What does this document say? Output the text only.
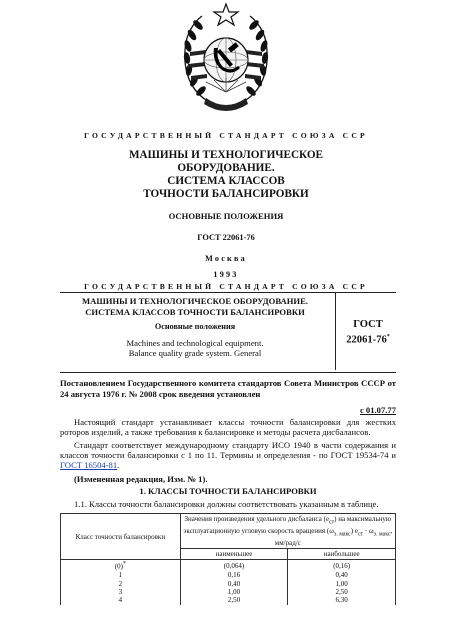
ГОСУДАРСТВЕННЫЙ СТАНДАРТ СОЮЗА ССР
МАШИНЫ И ТЕХНОЛОГИЧЕСКОЕ
ОБОРУДОВАНИЕ.
СИСТЕМА КЛАССОВ
ТОЧНОСТИ БАЛАНСИРОВКИ
ОСНОВНЫЕ ПОЛОЖЕНИЯ
ГОСТ 22061-76
Москва
1993
ГОСУДАРСТВЕННЫЙ СТАНДАРТ СОЮЗА ССР
МАШИНЫ И ТЕХНОЛОГИЧЕСКОЕ ОБОРУДОВАНИЕ.
СИСТЕМА КЛАССОВ ТОЧНОСТИ БАЛАНСИРОВКИ
Основные положения
Machines and technological equipment.
Balance quality grade system. General
ГОСТ
22061-76*
Постановлением Государственного комитета стандартов Совета Министров СССР от 24 августа 1976 г. № 2008 срок введения установлен
с 01.07.77
Настоящий стандарт устанавливает классы точности балансировки для жестких роторов изделий, а также требования к балансировке и методы расчета дисбалансов.
Стандарт соответствует международному стандарту ИСО 1940 в части содержания и классов точности балансировки с 1 по 11. Термины и определения - по ГОСТ 19534-74 и ГОСТ 16504-81.
(Измененная редакция, Изм. № 1).
1. КЛАССЫ ТОЧНОСТИ БАЛАНСИРОВКИ
1.1. Классы точности балансировки должны соответствовать указанным в таблице.
Класс точности балансировки	Значения произведения удельного дисбаланса $(e_{ст})$ на максимальную эксплуатационную угловую скорость вращения $(\omega_{э. макс}) e_{ст} \cdot \omega_{э. макс}$, мм/рад/с	
	наименьшее	наибольшее
(0)*	(0,064)	(0,16)
1	0,16	0,40
2	0,40	1,00
3	1,00	2,50
4	2,50	6,30
